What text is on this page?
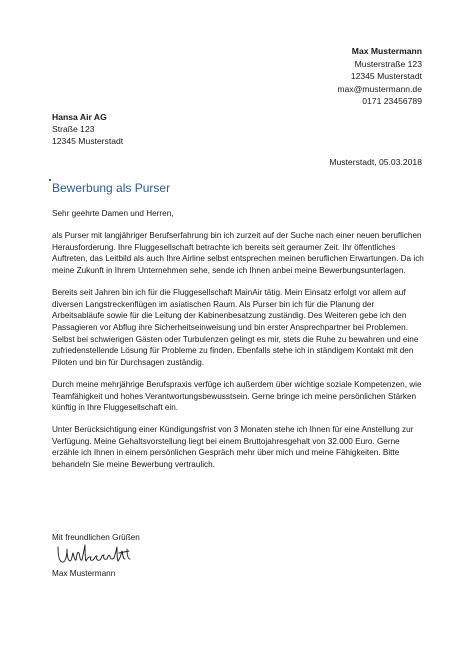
Max Mustermann
Musterstraße 123
12345 Musterstadt
max@mustermann.de
0171 23456789
Hansa Air AG
Straße 123
12345 Musterstadt
Musterstadt, 05.03.2018
Bewerbung als Purser

Sehr geehrte Damen und Herren,

als Purser mit langjähriger Berufserfahrung bin ich zurzeit auf der Suche nach einer neuen beruflichen Herausforderung. Ihre Fluggesellschaft betrachte ich bereits seit geraumer Zeit. Ihr öffentliches Auftreten, das Leitbild als auch Ihre Airline selbst entsprechen meinen beruflichen Erwartungen. Da ich meine Zukunft in Ihrem Unternehmen sehe, sende ich Ihnen anbei meine Bewerbungsunterlagen.

Bereits seit Jahren bin ich für die Fluggesellschaft MainAir tätig. Mein Einsatz erfolgt vor allem auf diversen Langstreckenflügen im asiatischen Raum. Als Purser bin ich für die Planung der Arbeitsabläufe sowie für die Leitung der Kabinenbesatzung zuständig. Des Weiteren gebe ich den Passagieren vor Abflug ihre Sicherheitseinweisung und bin erster Ansprechpartner bei Problemen. Selbst bei schwierigen Gästen oder Turbulenzen gelingt es mir, stets die Ruhe zu bewahren und eine zufriedenstellende Lösung für Probleme zu finden. Ebenfalls stehe ich in ständigem Kontakt mit den Piloten und bin für Durchsagen zuständig.

Durch meine mehrjährige Berufspraxis verfüge ich außerdem über wichtige soziale Kompetenzen, wie Teamfähigkeit und hohes Verantwortungsbewusstsein. Gerne bringe ich meine persönlichen Stärken künftig in Ihre Fluggesellschaft ein.

Unter Berücksichtigung einer Kündigungsfrist von 3 Monaten stehe ich Ihnen für eine Anstellung zur Verfügung. Meine Gehaltsvorstellung liegt bei einem Bruttojahresgehalt von 32.000 Euro. Gerne erzähle ich Ihnen in einem persönlichen Gespräch mehr über mich und meine Fähigkeiten. Bitte behandeln Sie meine Bewerbung vertraulich.

Mit freundlichen Grüßen
Max Mustermann
